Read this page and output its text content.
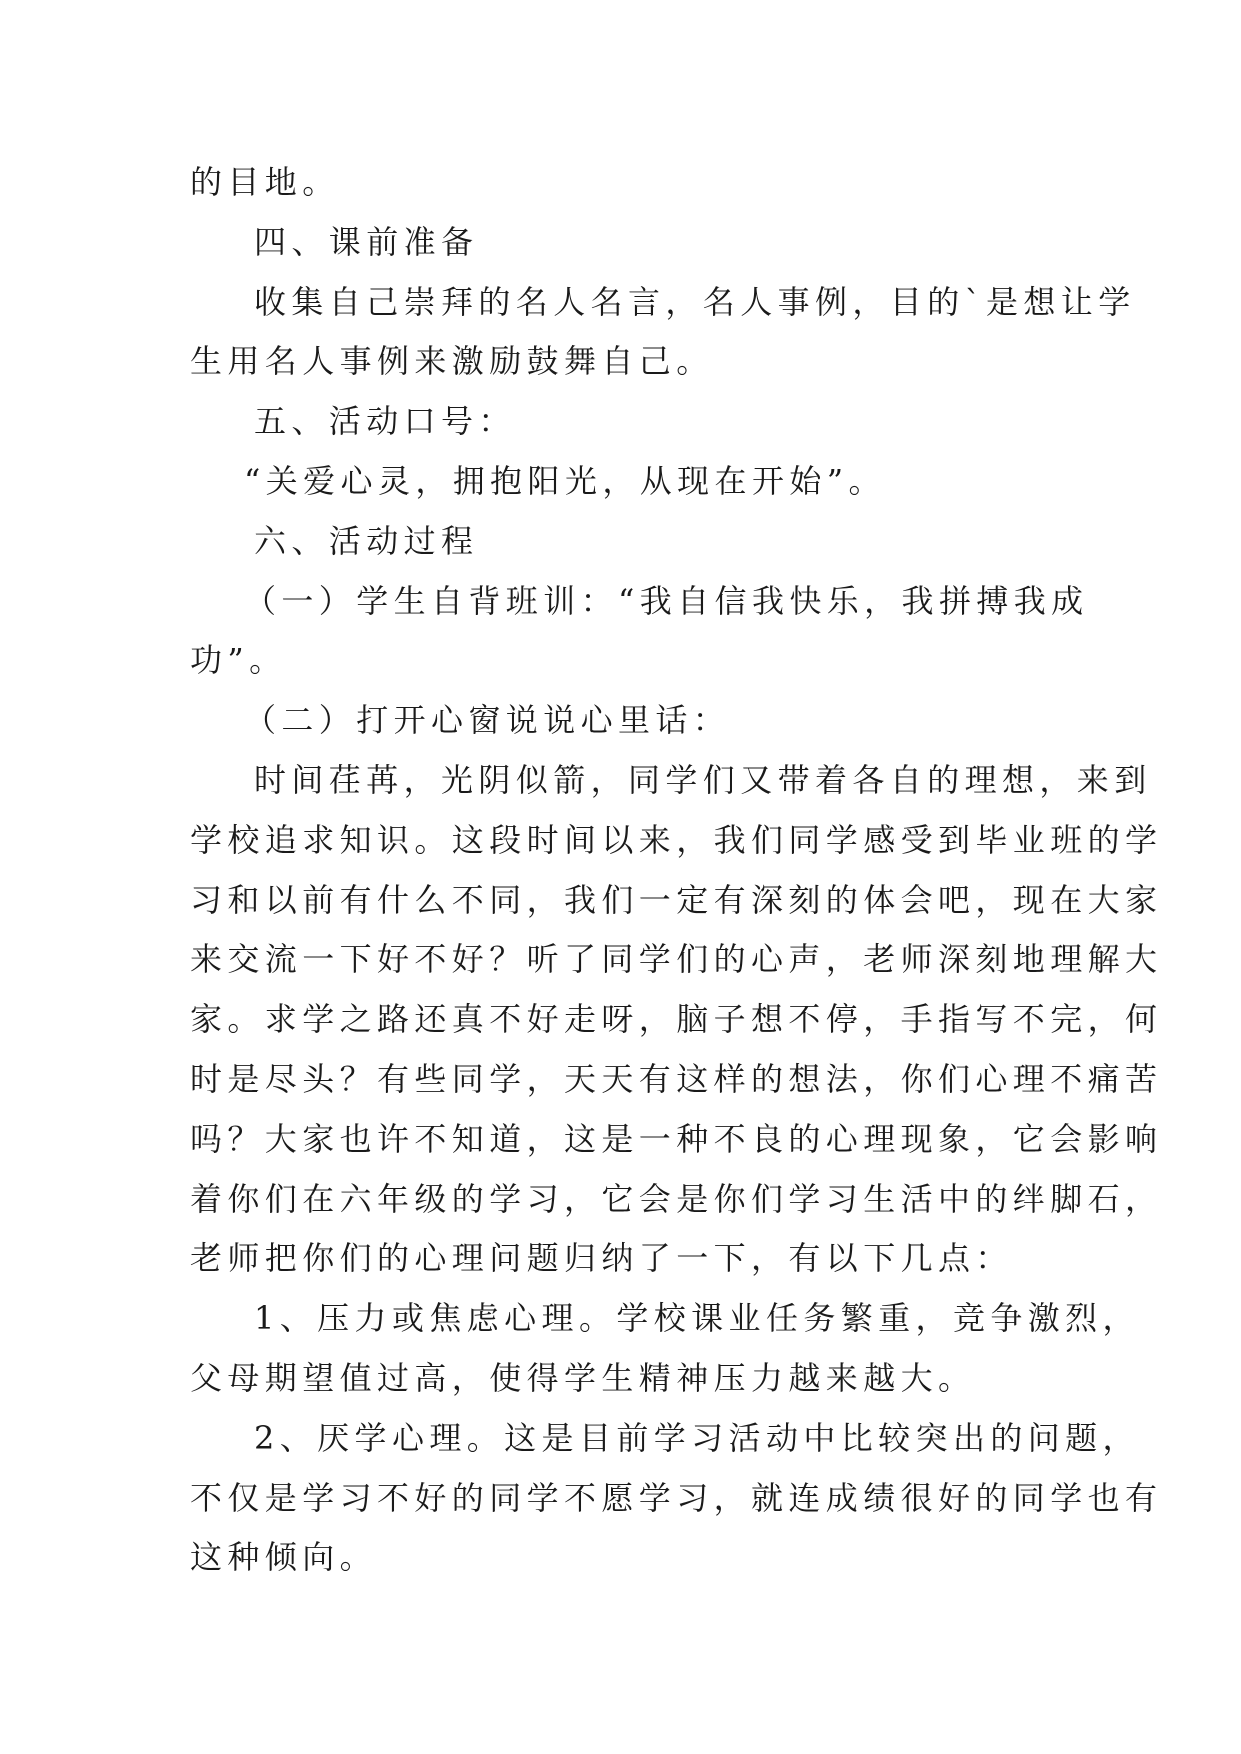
的目地。
四、课前准备
收集自己崇拜的名人名言，名人事例，目的`是想让学
生用名人事例来激励鼓舞自己。
五、活动口号：
“关爱心灵，拥抱阳光，从现在开始”。
六、活动过程
（一）学生自背班训：“我自信我快乐，我拼搏我成
功”。
（二）打开心窗说说心里话：
时间荏苒，光阴似箭，同学们又带着各自的理想，来到
学校追求知识。这段时间以来，我们同学感受到毕业班的学
习和以前有什么不同，我们一定有深刻的体会吧，现在大家
来交流一下好不好？听了同学们的心声，老师深刻地理解大
家。求学之路还真不好走呀，脑子想不停，手指写不完，何
时是尽头？有些同学，天天有这样的想法，你们心理不痛苦
吗？大家也许不知道，这是一种不良的心理现象，它会影响
着你们在六年级的学习，它会是你们学习生活中的绊脚石，
老师把你们的心理问题归纳了一下，有以下几点：
1、压力或焦虑心理。学校课业任务繁重，竞争激烈，
父母期望值过高，使得学生精神压力越来越大。
2、厌学心理。这是目前学习活动中比较突出的问题，
不仅是学习不好的同学不愿学习，就连成绩很好的同学也有
这种倾向。
